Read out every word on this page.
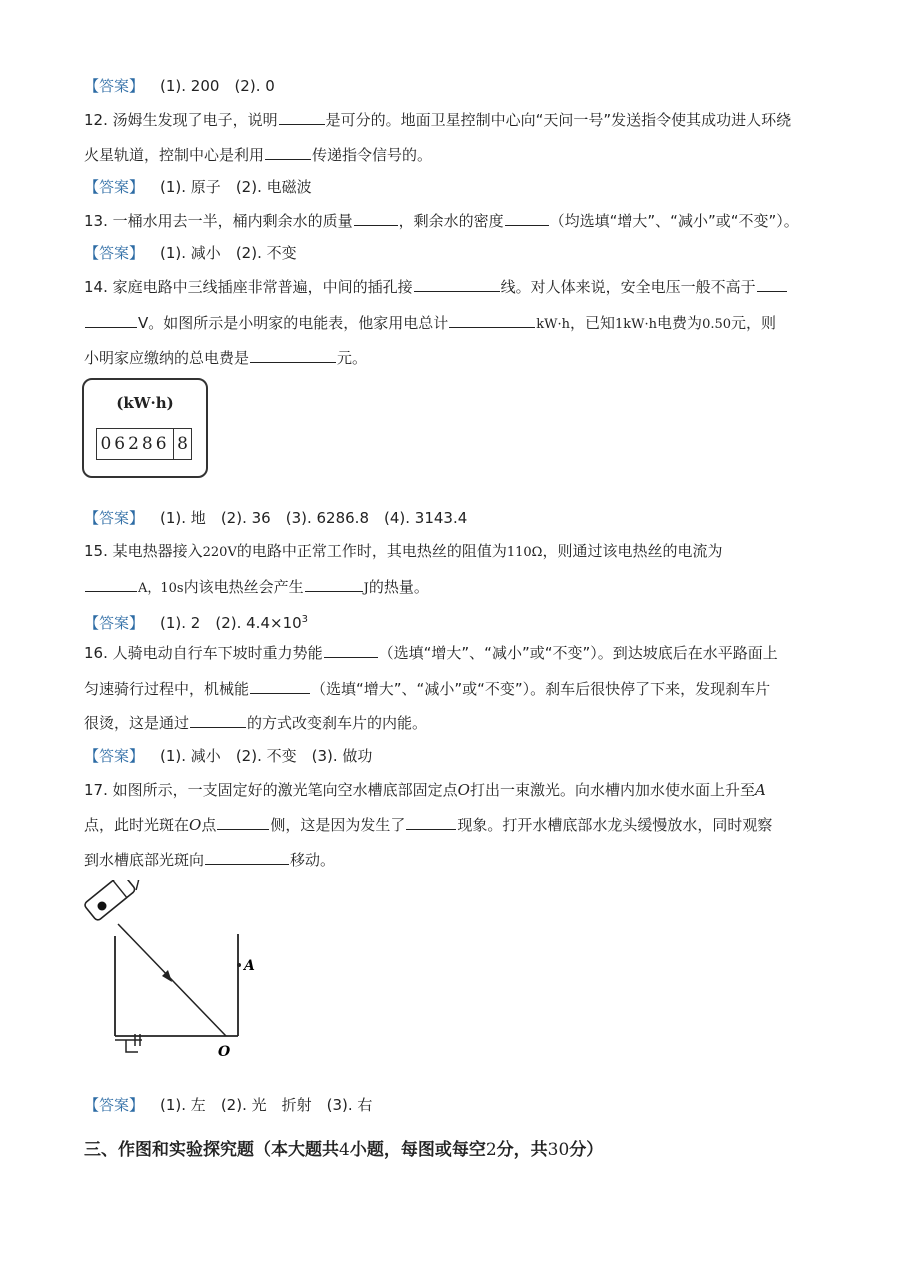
【答案】 (1). 200　 (2). 0
12. 汤姆生发现了电子，说明	是可分的。地面卫星控制中心向“天问一号”发送指令使其成功进人环绕
火星轨道，控制中心是利用	传递指令信号的。
【答案】 (1). 原子　 (2). 电磁波
13. 一桶水用去一半，桶内剩余水的质量	，剩余水的密度	（均选填“增大”、“减小”或“不变”）。
【答案】 (1). 减小　 (2). 不变
14. 家庭电路中三线插座非常普遍，中间的插孔接	线。对人体来说，安全电压一般不高于
V。如图所示是小明家的电能表，他家用电总计	kW·h，已知1kW·h电费为0.50元，则
小明家应缴纳的总电费是	元。
(kW·h)
06286 8
【答案】 (1). 地　 (2). 36　 (3). 6286.8　 (4). 3143.4
15. 某电热器接入220V的电路中正常工作时，其电热丝的阻值为110Ω，则通过该电热丝的电流为
A，10s内该电热丝会产生	J的热量。
【答案】 (1). 2　 (2). $4.4\times 10^3$
16. 人骑电动自行车下坡时重力势能	（选填“增大”、“减小”或“不变”）。到达坡底后在水平路面上
匀速骑行过程中，机械能	（选填“增大”、“减小”或“不变”）。刹车后很快停了下来，发现刹车片
很烫，这是通过	的方式改变刹车片的内能。
【答案】 (1). 减小　 (2). 不变　 (3). 做功
17. 如图所示，一支固定好的激光笔向空水槽底部固定点O打出一束激光。向水槽内加水使水面上升至A
点，此时光斑在O点	侧，这是因为发生了	现象。打开水槽底部水龙头缓慢放水，同时观察
到水槽底部光斑向	移动。
A
O
【答案】 (1). 左　 (2). 光　折射　 (3). 右
三、作图和实验探究题（本大题共4小题，每图或每空2分，共30分）
